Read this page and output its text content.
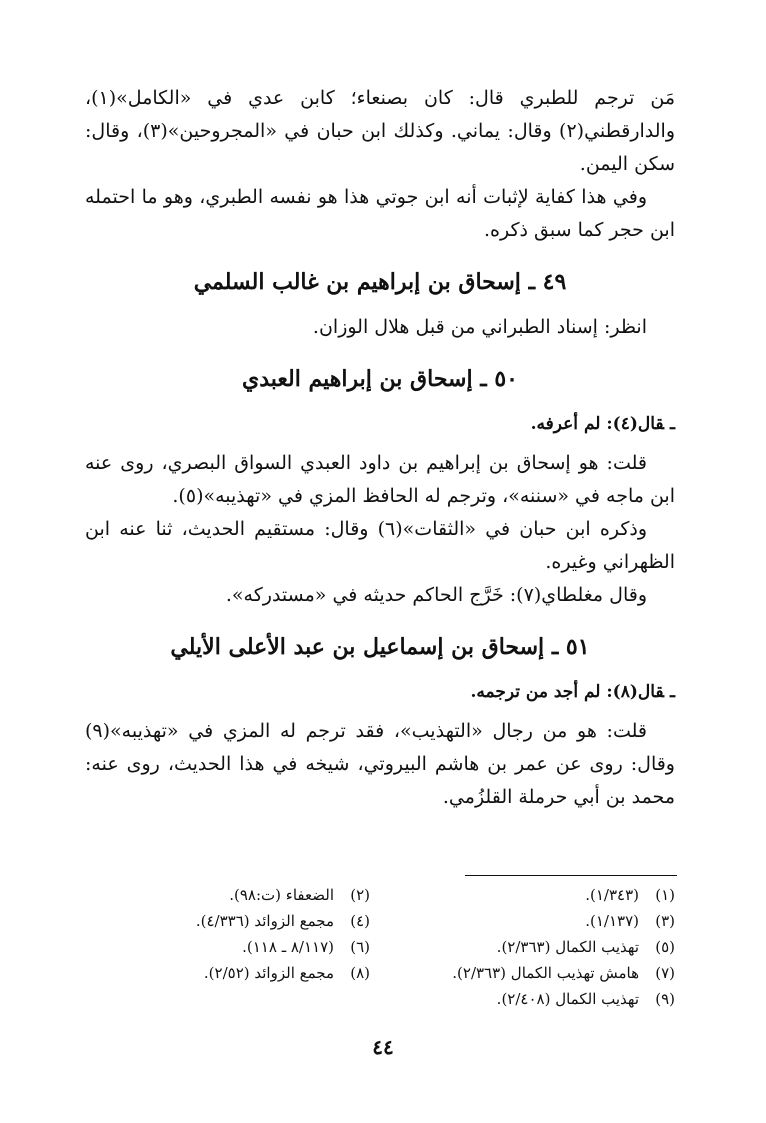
مَن ترجم للطبري قال: كان بصنعاء؛ كابن عدي في «الكامل»(١)، والدارقطني(٢) وقال: يماني. وكذلك ابن حبان في «المجروحين»(٣)، وقال: سكن اليمن.

وفي هذا كفاية لإثبات أنه ابن جوتي هذا هو نفسه الطبري، وهو ما احتمله ابن حجر كما سبق ذكره.

٤٩ ـ إسحاق بن إبراهيم بن غالب السلمي

انظر: إسناد الطبراني من قبل هلال الوزان.

٥٠ ـ إسحاق بن إبراهيم العبدي
ـقال(٤): لم أعرفه.

قلت: هو إسحاق بن إبراهيم بن داود العبدي السواق البصري، روى عنه ابن ماجه في «سننه»، وترجم له الحافظ المزي في «تهذيبه»(٥).

وذكره ابن حبان في «الثقات»(٦) وقال: مستقيم الحديث، ثنا عنه ابن الظهراني وغيره.

وقال مغلطاي(٧): خَرَّج الحاكم حديثه في «مستدركه».

٥١ ـ إسحاق بن إسماعيل بن عبد الأعلى الأيلي
ـقال(٨): لم أجد من ترجمه.

قلت: هو من رجال «التهذيب»، فقد ترجم له المزي في «تهذيبه»(٩) وقال: روى عن عمر بن هاشم البيروتي، شيخه في هذا الحديث، روى عنه: محمد بن أبي حرملة القلزُمي.

(١)
(١/٣٤٣).
(٢)
الضعفاء (ت:٩٨).
(٣)
(١/١٣٧).
(٤)
مجمع الزوائد (٤/٣٣٦).
(٥)
تهذيب الكمال (٢/٣٦٣).
(٦)
(٨/١١٧ ـ ١١٨).
(٧)
هامش تهذيب الكمال (٢/٣٦٣).
(٨)
مجمع الزوائد (٢/٥٢).
(٩)
تهذيب الكمال (٢/٤٠٨).
٤٤
